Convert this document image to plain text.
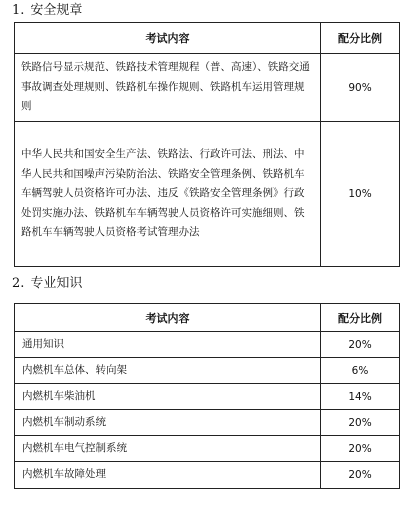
1. 安全规章
考试内容	配分比例
铁路信号显示规范、铁路技术管理规程（普、高速）、铁路交通事故调查处理规则、铁路机车操作规则、铁路机车运用管理规则	90%
中华人民共和国安全生产法、铁路法、行政许可法、刑法、中华人民共和国噪声污染防治法、铁路安全管理条例、铁路机车车辆驾驶人员资格许可办法、违反《铁路安全管理条例》行政处罚实施办法、铁路机车车辆驾驶人员资格许可实施细则、铁路机车车辆驾驶人员资格考试管理办法	10%
2. 专业知识
考试内容	配分比例
通用知识	20%
内燃机车总体、转向架	6%
内燃机车柴油机	14%
内燃机车制动系统	20%
内燃机车电气控制系统	20%
内燃机车故障处理	20%
